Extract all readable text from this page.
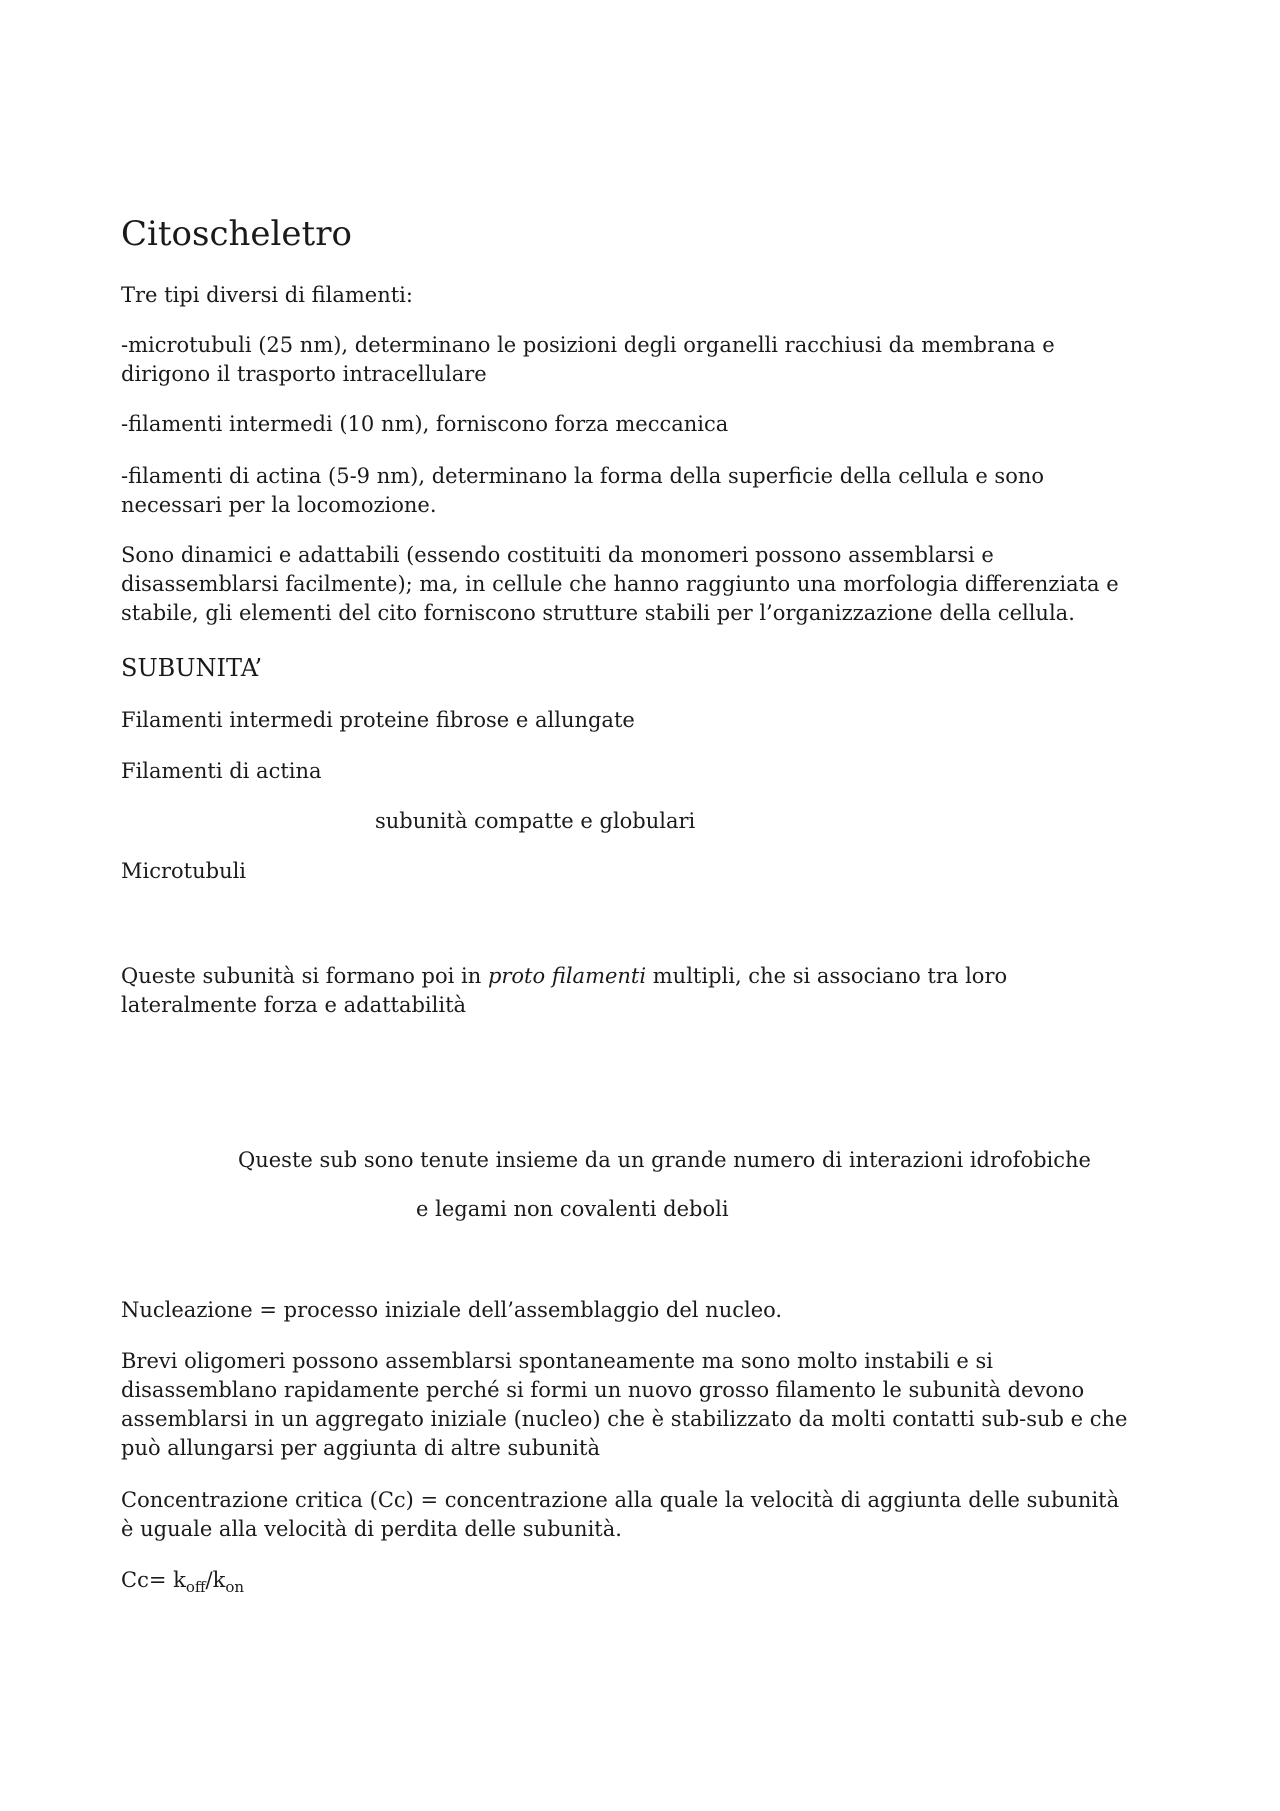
Citoscheletro
Tre tipi diversi di filamenti:
-microtubuli (25 nm), determinano le posizioni degli organelli racchiusi da membrana e
dirigono il trasporto intracellulare
-filamenti intermedi (10 nm), forniscono forza meccanica
-filamenti di actina (5-9 nm), determinano la forma della superficie della cellula e sono
necessari per la locomozione.
Sono dinamici e adattabili (essendo costituiti da monomeri possono assemblarsi e
disassemblarsi facilmente); ma, in cellule che hanno raggiunto una morfologia differenziata e
stabile, gli elementi del cito forniscono strutture stabili per l’organizzazione della cellula.
SUBUNITA’
Filamenti intermedi proteine fibrose e allungate
Filamenti di actina
subunità compatte e globulari
Microtubuli
Queste subunità si formano poi in proto filamenti multipli, che si associano tra loro
lateralmente forza e adattabilità
Queste sub sono tenute insieme da un grande numero di interazioni idrofobiche
e legami non covalenti deboli
Nucleazione = processo iniziale dell’assemblaggio del nucleo.
Brevi oligomeri possono assemblarsi spontaneamente ma sono molto instabili e si
disassemblano rapidamente perché si formi un nuovo grosso filamento le subunità devono
assemblarsi in un aggregato iniziale (nucleo) che è stabilizzato da molti contatti sub-sub e che
può allungarsi per aggiunta di altre subunità
Concentrazione critica (Cc) = concentrazione alla quale la velocità di aggiunta delle subunità
è uguale alla velocità di perdita delle subunità.
$Cc= k_{off}/k_{on}$
